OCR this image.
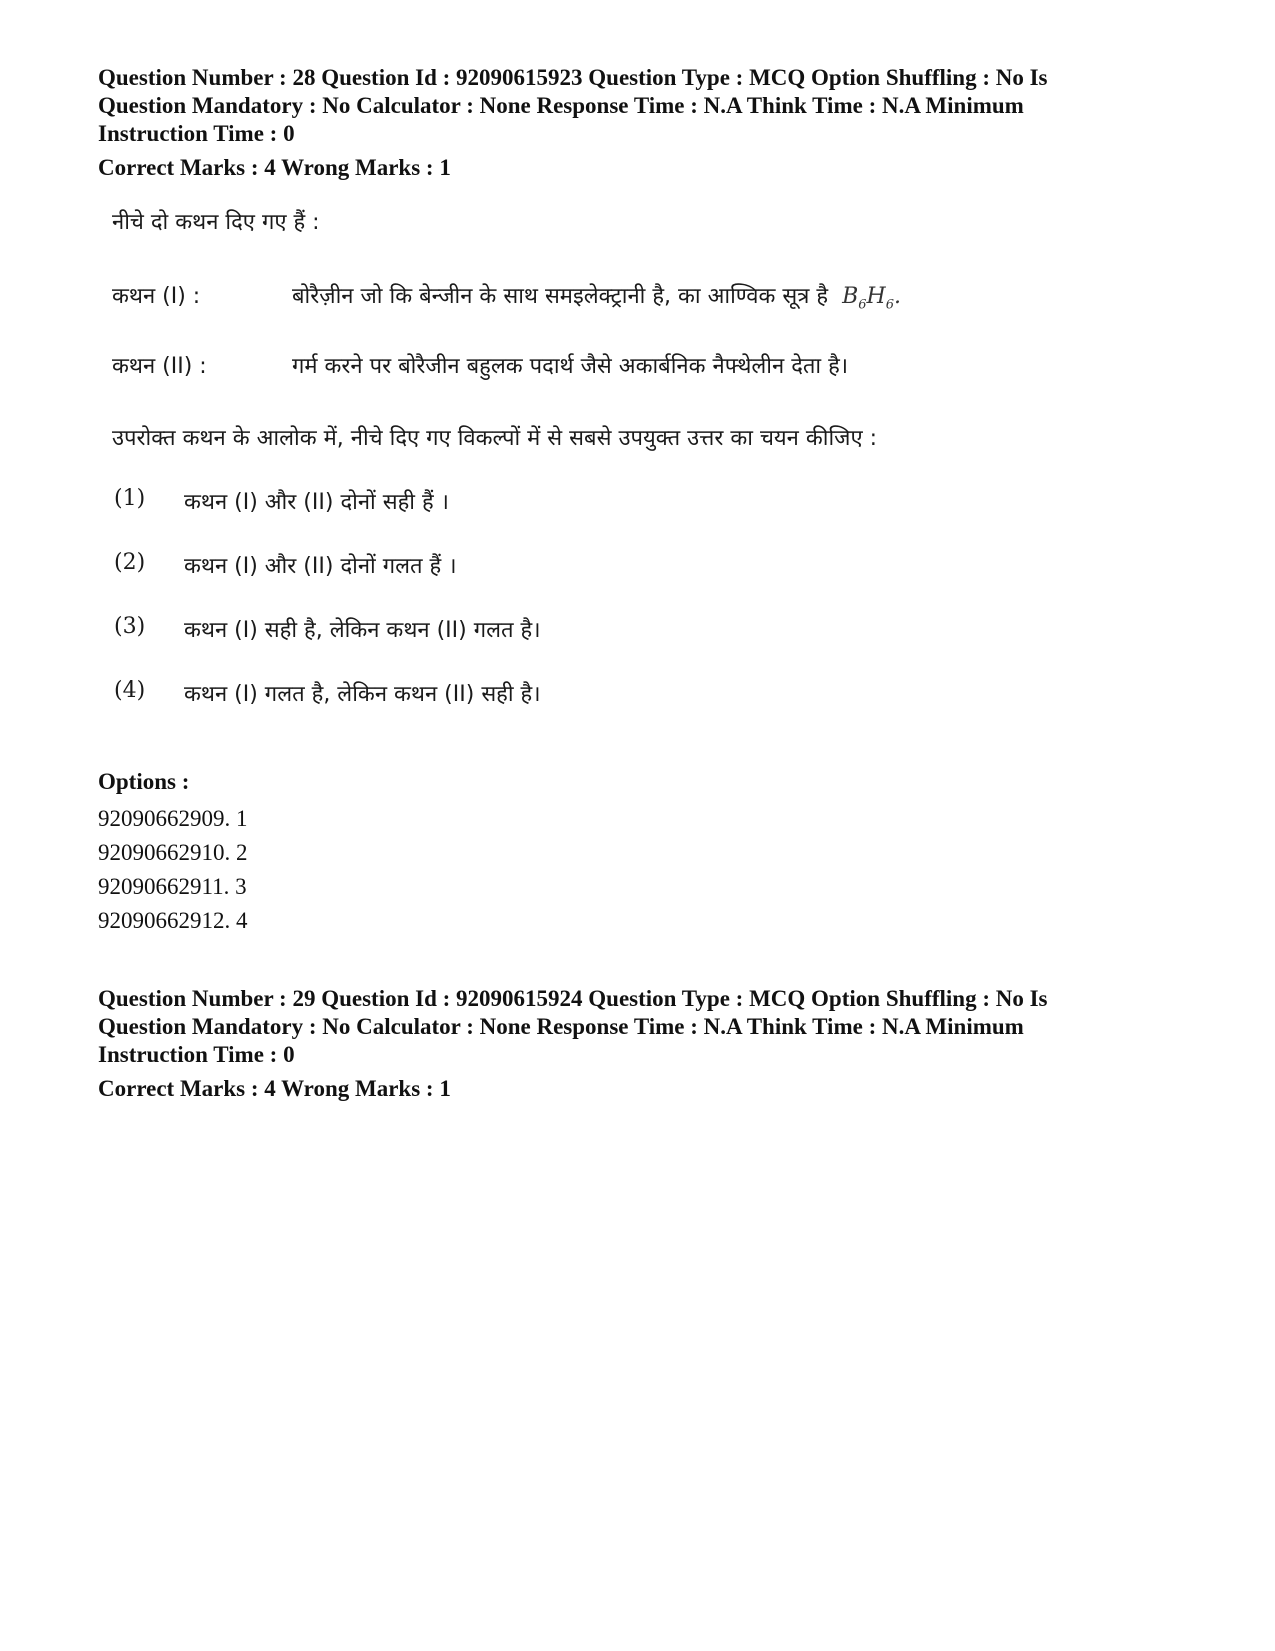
Question Number : 28 Question Id : 92090615923 Question Type : MCQ Option Shuffling : No Is
Question Mandatory : No Calculator : None Response Time : N.A Think Time : N.A Minimum
Instruction Time : 0
Correct Marks : 4 Wrong Marks : 1
नीचे दो कथन दिए गए हैं :
कथन (I) :	बोरैज़ीन जो कि बेन्जीन के साथ समइलेक्ट्रानी है, का आण्विक सूत्र है $B_6H_6$.
कथन (II) :	गर्म करने पर बोरैजीन बहुलक पदार्थ जैसे अकार्बनिक नैफ्थेलीन देता है।
उपरोक्त कथन के आलोक में, नीचे दिए गए विकल्पों में से सबसे उपयुक्त उत्तर का चयन कीजिए :
(1) कथन (I) और (II) दोनों सही हैं ।
(2) कथन (I) और (II) दोनों गलत हैं ।
(3) कथन (I) सही है, लेकिन कथन (II) गलत है।
(4) कथन (I) गलत है, लेकिन कथन (II) सही है।
Options :
92090662909. 1
92090662910. 2
92090662911. 3
92090662912. 4
Question Number : 29 Question Id : 92090615924 Question Type : MCQ Option Shuffling : No Is
Question Mandatory : No Calculator : None Response Time : N.A Think Time : N.A Minimum
Instruction Time : 0
Correct Marks : 4 Wrong Marks : 1
